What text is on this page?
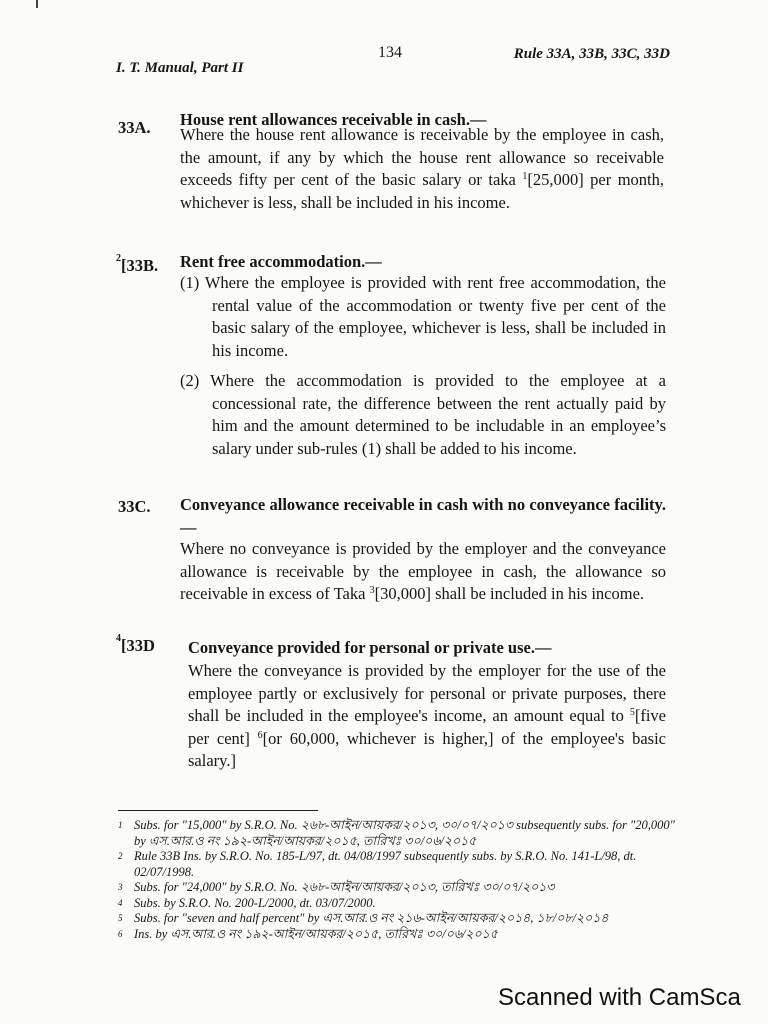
I. T. Manual, Part II
134	Rule 33A, 33B, 33C, 33D
33A. House rent allowances receivable in cash.—
Where the house rent allowance is receivable by the employee in cash, the amount, if any by which the house rent allowance so receivable exceeds fifty per cent of the basic salary or taka $^1$[25,000] per month, whichever is less, shall be included in his income.
$^2$[33B. Rent free accommodation.—
(1) Where the employee is provided with rent free accommodation, the rental value of the accommodation or twenty five per cent of the basic salary of the employee, whichever is less, shall be included in his income.
(2) Where the accommodation is provided to the employee at a concessional rate, the difference between the rent actually paid by him and the amount determined to be includable in an employee’s salary under sub-rules (1) shall be added to his income.
33C. Conveyance allowance receivable in cash with no conveyance facility.—
Where no conveyance is provided by the employer and the conveyance allowance is receivable by the employee in cash, the allowance so receivable in excess of Taka $^3$[30,000] shall be included in his income.
$^4$[33D Conveyance provided for personal or private use.—
Where the conveyance is provided by the employer for the use of the employee partly or exclusively for personal or private purposes, there shall be included in the employee's income, an amount equal to $^5$[five per cent] $^6$[or 60,000, whichever is higher,] of the employee's basic salary.]
1 Subs. for "15,000" by S.R.O. No. ২৬৮-আইন/আয়কর/২০১৩, ৩০/০৭/২০১৩ subsequently subs. for "20,000" by এস.আর.ও নং ১৯২-আইন/আয়কর/২০১৫, তারিখঃ ৩০/০৬/২০১৫
2 Rule 33B Ins. by S.R.O. No. 185-L/97, dt. 04/08/1997 subsequently subs. by S.R.O. No. 141-L/98, dt. 02/07/1998.
3 Subs. for "24,000" by S.R.O. No. ২৬৮-আইন/আয়কর/২০১৩, তারিখঃ ৩০/০৭/২০১৩
4 Subs. by S.R.O. No. 200-L/2000, dt. 03/07/2000.
5 Subs. for "seven and half percent" by এস.আর.ও নং ২১৬-আইন/আয়কর/২০১৪, ১৮/০৮/২০১৪
6 Ins. by এস.আর.ও নং ১৯২-আইন/আয়কর/২০১৫, তারিখঃ ৩০/০৬/২০১৫
Scanned with CamSca
